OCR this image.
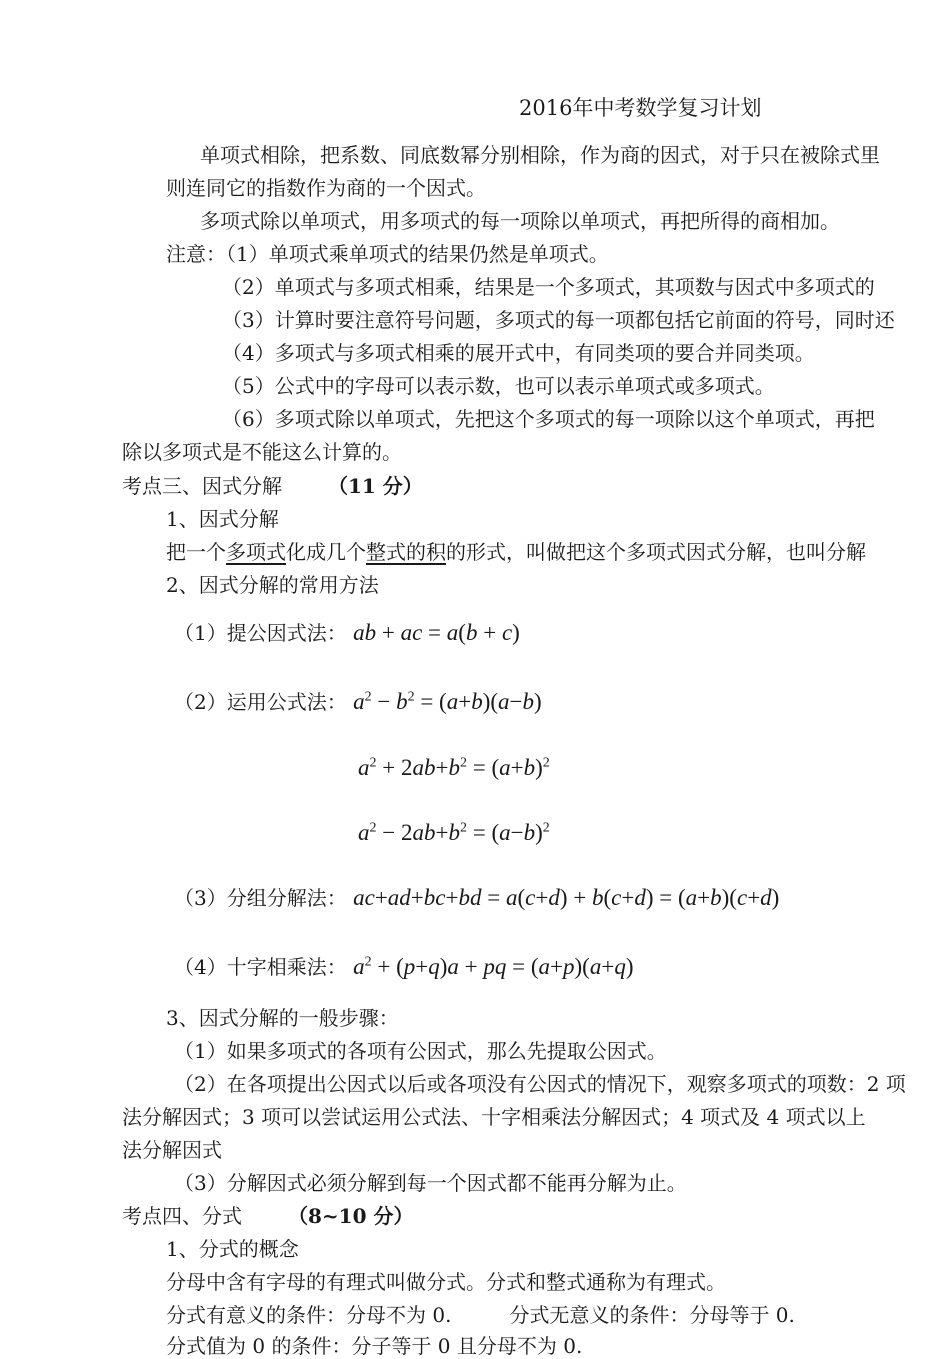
2016年中考数学复习计划
单项式相除，把系数、同底数幂分别相除，作为商的因式，对于只在被除式里
则连同它的指数作为商的一个因式。
多项式除以单项式，用多项式的每一项除以单项式，再把所得的商相加。
注意：（1）单项式乘单项式的结果仍然是单项式。
（2）单项式与多项式相乘，结果是一个多项式，其项数与因式中多项式的
（3）计算时要注意符号问题，多项式的每一项都包括它前面的符号，同时还
（4）多项式与多项式相乘的展开式中，有同类项的要合并同类项。
（5）公式中的字母可以表示数，也可以表示单项式或多项式。
（6）多项式除以单项式，先把这个多项式的每一项除以这个单项式，再把
除以多项式是不能这么计算的。
考点三、因式分解 （11 分）
1、因式分解
把一个多项式化成几个整式的积的形式，叫做把这个多项式因式分解，也叫分解
2、因式分解的常用方法
（1）提公因式法： ab + ac = a(b + c)
（2）运用公式法： $a^2 - b^2 = (a+b)(a-b)$
$a^2 + 2ab+b^2 = (a+b)^2$
$a^2 - 2ab+b^2 = (a-b)^2$
（3）分组分解法： ac+ad+bc+bd = a(c+d) + b(c+d) = (a+b)(c+d)
（4）十字相乘法： $a^2 + (p+q)a$ + pq = (a+p)(a+q)
3、因式分解的一般步骤：
（1）如果多项式的各项有公因式，那么先提取公因式。
（2）在各项提出公因式以后或各项没有公因式的情况下，观察多项式的项数：2 项
法分解因式；3 项可以尝试运用公式法、十字相乘法分解因式；4 项式及 4 项式以上
法分解因式
（3）分解因式必须分解到每一个因式都不能再分解为止。
考点四、分式 （8~10 分）
1、分式的概念
分母中含有字母的有理式叫做分式。分式和整式通称为有理式。
分式有意义的条件：分母不为 0.	分式无意义的条件：分母等于 0.
分式值为 0 的条件：分子等于 0 且分母不为 0.
